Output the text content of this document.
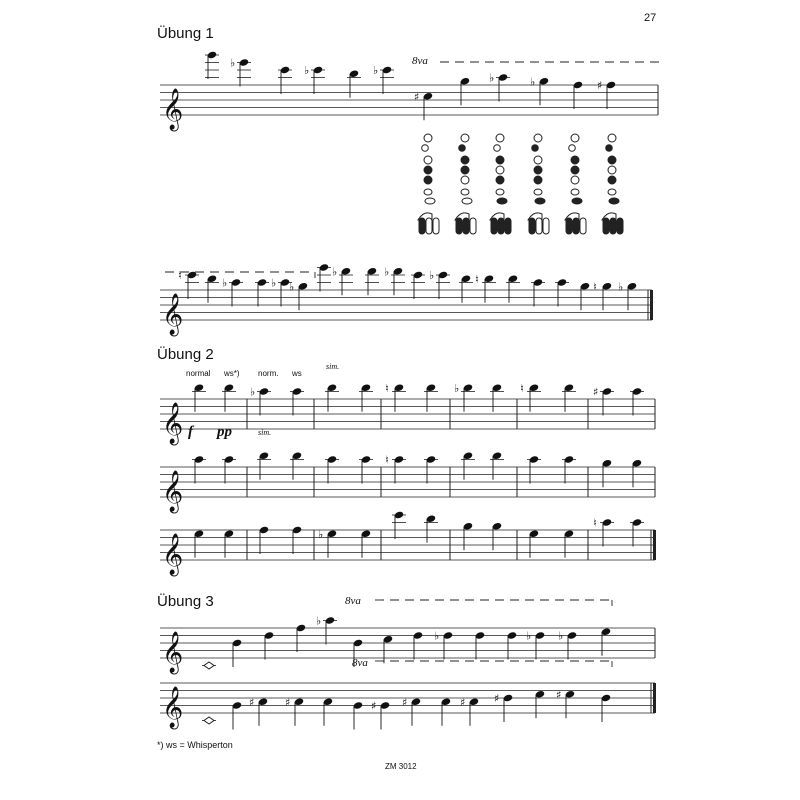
27
Übung 1
Übung 2
Übung 3
8va
8va
8va
normal ws*) norm. ws
sim.
sim.
f pp
*) ws = Whisperton
ZM 3012
𝄞
♭
♭	♭
♯
♭	♭	♯
𝄞
♮
♭	♭ ♭
♭	♭	♭	♮
♮ ♭
𝄞
𝄞
𝄞
♭	♮	♭	♮	♯
♮
♭
♮
𝄞
♭
♭	♭ ♭
𝄞	♯	♯	♯ ♯	♯	♯	♯
